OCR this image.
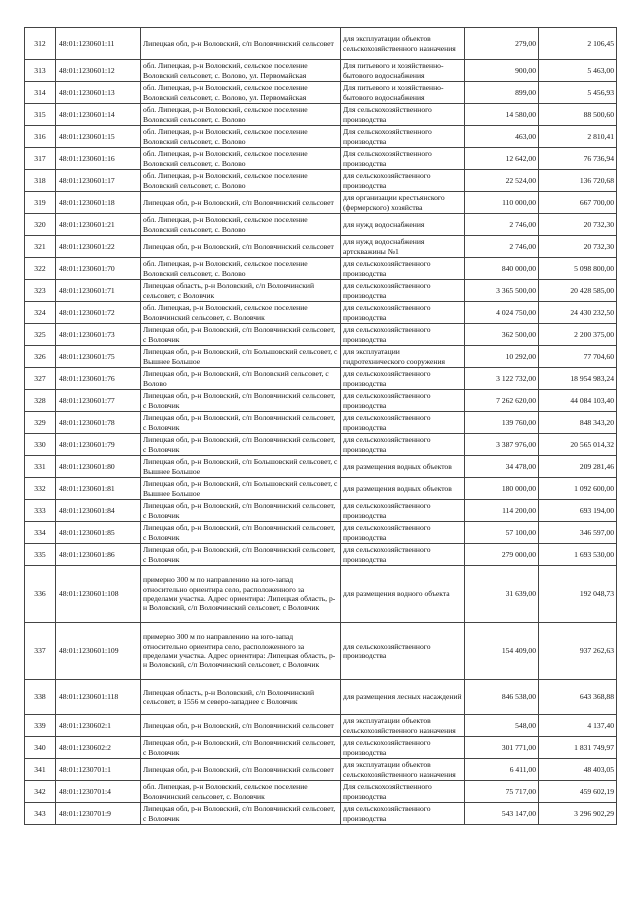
312	48:01:1230601:11	Липецкая обл, р-н Воловский, с/п Воловчинский сельсовет	для эксплуатации объектов сельскохозяйственного назначения	279,00	2 106,45
313	48:01:1230601:12	обл. Липецкая, р-н Воловский, сельское поселение Воловский сельсовет, с. Волово, ул. Первомайская	Для питьевого и хозяйственно-бытового водоснабжения	900,00	5 463,00
314	48:01:1230601:13	обл. Липецкая, р-н Воловский, сельское поселение Воловский сельсовет, с. Волово, ул. Первомайская	Для питьевого и хозяйственно-бытового водоснабжения	899,00	5 456,93
315	48:01:1230601:14	обл. Липецкая, р-н Воловский, сельское поселение Воловский сельсовет, с. Волово	Для сельскохозяйственного производства	14 580,00	88 500,60
316	48:01:1230601:15	обл. Липецкая, р-н Воловский, сельское поселение Воловский сельсовет, с. Волово	Для сельскохозяйственного производства	463,00	2 810,41
317	48:01:1230601:16	обл. Липецкая, р-н Воловский, сельское поселение Воловский сельсовет, с. Волово	Для сельскохозяйственного производства	12 642,00	76 736,94
318	48:01:1230601:17	обл. Липецкая, р-н Воловский, сельское поселение Воловский сельсовет, с. Волово	для сельскохозяйственного производства	22 524,00	136 720,68
319	48:01:1230601:18	Липецкая обл, р-н Воловский, с/п Воловчинский сельсовет	для организации крестьянского (фермерского) хозяйства	110 000,00	667 700,00
320	48:01:1230601:21	обл. Липецкая, р-н Воловский, сельское поселение Воловский сельсовет, с. Волово	для нужд водоснабжения	2 746,00	20 732,30
321	48:01:1230601:22	Липецкая обл, р-н Воловский, с/п Воловчинский сельсовет	для нужд водоснабжения артскважины №1	2 746,00	20 732,30
322	48:01:1230601:70	обл. Липецкая, р-н Воловский, сельское поселение Воловский сельсовет, с. Волово	для сельскохозяйственного производства	840 000,00	5 098 800,00
323	48:01:1230601:71	Липецкая область, р-н Воловский, с/п Воловчинский сельсовет, с Воловчик	для сельскохозяйственного производства	3 365 500,00	20 428 585,00
324	48:01:1230601:72	обл. Липецкая, р-н Воловский, сельское поселение Воловчинский сельсовет, с. Воловчик	для сельскохозяйственного производства	4 024 750,00	24 430 232,50
325	48:01:1230601:73	Липецкая обл, р-н Воловский, с/п Воловчинский сельсовет, с Воловчик	для сельскохозяйственного производства	362 500,00	2 200 375,00
326	48:01:1230601:75	Липецкая обл, р-н Воловский, с/п Большовский сельсовет, с Вышнее Большое	для эксплуатации гидротехнического сооружения	10 292,00	77 704,60
327	48:01:1230601:76	Липецкая обл, р-н Воловский, с/п Воловский сельсовет, с Волово	для сельскохозяйственного производства	3 122 732,00	18 954 983,24
328	48:01:1230601:77	Липецкая обл, р-н Воловский, с/п Воловчинский сельсовет, с Воловчик	для сельскохозяйственного производства	7 262 620,00	44 084 103,40
329	48:01:1230601:78	Липецкая обл, р-н Воловский, с/п Воловчинский сельсовет, с Воловчик	для сельскохозяйственного производства	139 760,00	848 343,20
330	48:01:1230601:79	Липецкая обл, р-н Воловский, с/п Воловчинский сельсовет, с Воловчик	для сельскохозяйственного производства	3 387 976,00	20 565 014,32
331	48:01:1230601:80	Липецкая обл, р-н Воловский, с/п Большовский сельсовет, с Вышнее Большое	для размещения водных объектов	34 478,00	209 281,46
332	48:01:1230601:81	Липецкая обл, р-н Воловский, с/п Большовский сельсовет, с Вышнее Большое	для размещения водных объектов	180 000,00	1 092 600,00
333	48:01:1230601:84	Липецкая обл, р-н Воловский, с/п Воловчинский сельсовет, с Воловчик	для сельскохозяйственного производства	114 200,00	693 194,00
334	48:01:1230601:85	Липецкая обл, р-н Воловский, с/п Воловчинский сельсовет, с Воловчик	для сельскохозяйственного производства	57 100,00	346 597,00
335	48:01:1230601:86	Липецкая обл, р-н Воловский, с/п Воловчинский сельсовет, с Воловчик	для сельскохозяйственного производства	279 000,00	1 693 530,00
336	48:01:1230601:108	примерно 300 м по направлению на юго-запад относительно ориентира село, расположенного за пределами участка. Адрес ориентира: Липецкая область, р-н Воловский, с/п Воловчинский сельсовет, с Воловчик	для размещения водного объекта	31 639,00	192 048,73
337	48:01:1230601:109	примерно 300 м по направлению на юго-запад относительно ориентира село, расположенного за пределами участка. Адрес ориентира: Липецкая область, р-н Воловский, с/п Воловчинский сельсовет, с Воловчик	для сельскохозяйственного производства	154 409,00	937 262,63
338	48:01:1230601:118	Липецкая область, р-н Воловский, с/п Воловчинский сельсовет, в 1556 м северо-западнее с Воловчик	для размещения лесных насаждений	846 538,00	643 368,88
339	48:01:1230602:1	Липецкая обл, р-н Воловский, с/п Воловчинский сельсовет	для эксплуатации объектов сельскохозяйственного назначения	548,00	4 137,40
340	48:01:1230602:2	Липецкая обл, р-н Воловский, с/п Воловчинский сельсовет, с Воловчик	для сельскохозяйственного производства	301 771,00	1 831 749,97
341	48:01:1230701:1	Липецкая обл, р-н Воловский, с/п Воловчинский сельсовет	для эксплуатации объектов сельскохозяйственного назначения	6 411,00	48 403,05
342	48:01:1230701:4	обл. Липецкая, р-н Воловский, сельское поселение Воловчинский сельсовет, с. Воловчик	Для сельскохозяйственного производства	75 717,00	459 602,19
343	48:01:1230701:9	Липецкая обл, р-н Воловский, с/п Воловчинский сельсовет, с Воловчик	для сельскохозяйственного производства	543 147,00	3 296 902,29
